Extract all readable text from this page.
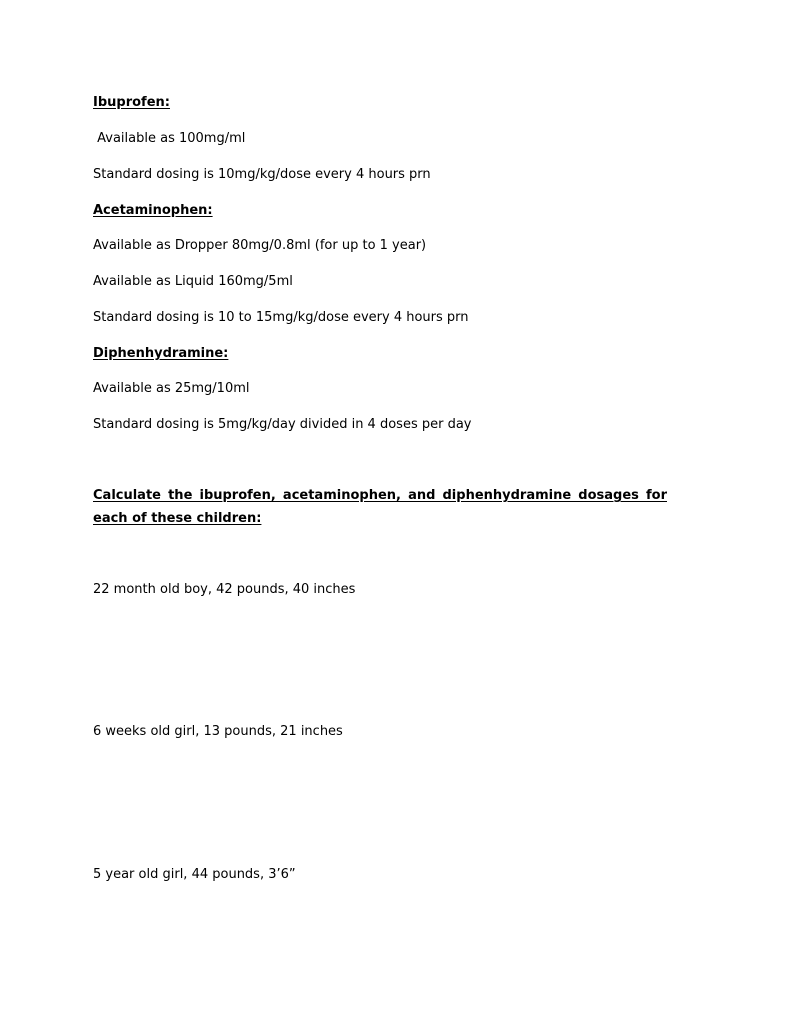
Ibuprofen:
Available as 100mg/ml
Standard dosing is 10mg/kg/dose every 4 hours prn
Acetaminophen:
Available as Dropper 80mg/0.8ml (for up to 1 year)
Available as Liquid 160mg/5ml
Standard dosing is 10 to 15mg/kg/dose every 4 hours prn
Diphenhydramine:
Available as 25mg/10ml
Standard dosing is 5mg/kg/day divided in 4 doses per day
Calculate the ibuprofen, acetaminophen, and diphenhydramine dosages for each of these children:
22 month old boy, 42 pounds, 40 inches
6 weeks old girl, 13 pounds, 21 inches
5 year old girl, 44 pounds, 3’6”
